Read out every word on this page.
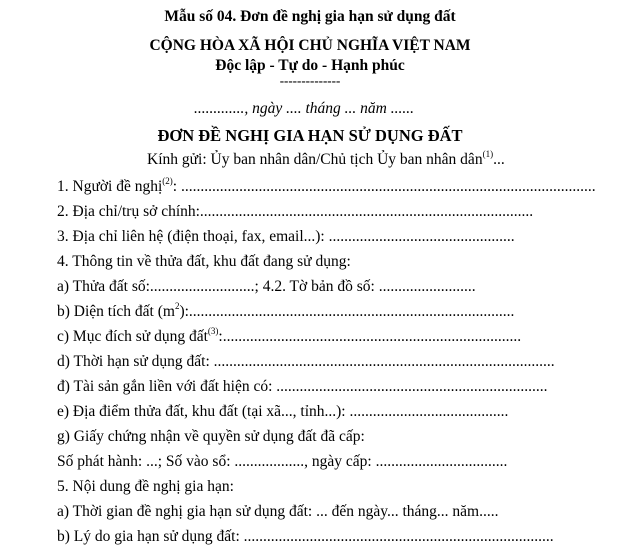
Mẫu số 04. Đơn đề nghị gia hạn sử dụng đất
CỘNG HÒA XÃ HỘI CHỦ NGHĨA VIỆT NAM
Độc lập - Tự do - Hạnh phúc
--------------
............., ngày .... tháng ... năm ......
ĐƠN ĐỀ NGHỊ GIA HẠN SỬ DỤNG ĐẤT
Kính gửi: Ủy ban nhân dân/Chủ tịch Ủy ban nhân dân$^{(1)}$...
1. Người đề nghị$^{(2)}$: ...........................................................................................................
2. Địa chỉ/trụ sở chính:......................................................................................
3. Địa chỉ liên hệ (điện thoại, fax, email...): ................................................
4. Thông tin về thửa đất, khu đất đang sử dụng:
a) Thửa đất số:...........................; 4.2. Tờ bản đồ số: .........................
b) Diện tích đất $(m^2)$:....................................................................................
c) Mục đích sử dụng đất$^{(3)}$:.............................................................................
d) Thời hạn sử dụng đất: ........................................................................................
đ) Tài sản gắn liền với đất hiện có: ......................................................................
e) Địa điểm thửa đất, khu đất (tại xã..., tỉnh...): .........................................
g) Giấy chứng nhận về quyền sử dụng đất đã cấp:
Số phát hành: ...; Số vào sổ: .................., ngày cấp: ..................................
5. Nội dung đề nghị gia hạn:
a) Thời gian đề nghị gia hạn sử dụng đất: ... đến ngày... tháng... năm.....
b) Lý do gia hạn sử dụng đất: ................................................................................
